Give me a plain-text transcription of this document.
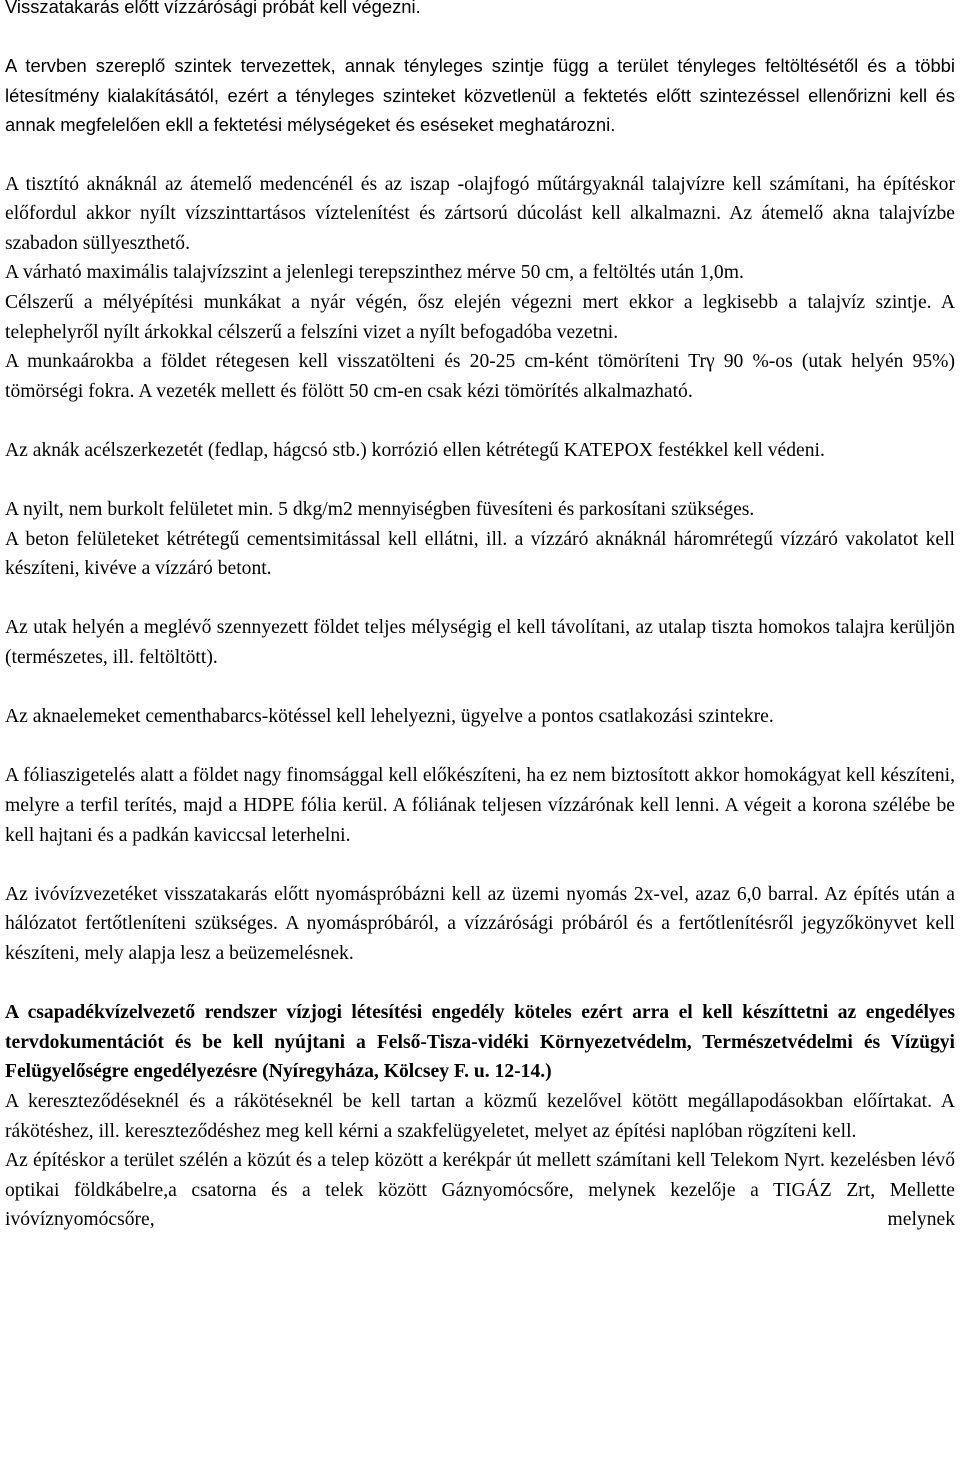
Visszatakarás előtt vízzárósági próbát kell végezni.

A tervben szereplő szintek tervezettek, annak tényleges szintje függ a terület tényleges feltöltésétől és a többi létesítmény kialakításától, ezért a tényleges szinteket közvetlenül a fektetés előtt szintezéssel ellenőrizni kell és annak megfelelően ekll a fektetési mélységeket és eséseket meghatározni.

A tisztító aknáknál az átemelő medencénél és az iszap -olajfogó műtárgyaknál talajvízre kell számítani, ha építéskor előfordul akkor nyílt vízszinttartásos víztelenítést és zártsorú dúcolást kell alkalmazni. Az átemelő akna talajvízbe szabadon süllyeszthető.

A várható maximális talajvízszint a jelenlegi terepszinthez mérve 50 cm, a feltöltés után 1,0m.

Célszerű a mélyépítési munkákat a nyár végén, ősz elején végezni mert ekkor a legkisebb a talajvíz szintje. A telephelyről nyílt árkokkal célszerű a felszíni vizet a nyílt befogadóba vezetni.

A munkaárokba a földet rétegesen kell visszatölteni és 20-25 cm-ként tömöríteni Trγ 90 %-os (utak helyén 95%) tömörségi fokra. A vezeték mellett és fölött 50 cm-en csak kézi tömörítés alkalmazható.

Az aknák acélszerkezetét (fedlap, hágcsó stb.) korrózió ellen kétrétegű KATEPOX festékkel kell védeni.

A nyilt, nem burkolt felületet min. 5 dkg/m2 mennyiségben füvesíteni és parkosítani szükséges.

A beton felületeket kétrétegű cementsimitással kell ellátni, ill. a vízzáró aknáknál háromrétegű vízzáró vakolatot kell készíteni, kivéve a vízzáró betont.

Az utak helyén a meglévő szennyezett földet teljes mélységig el kell távolítani, az utalap tiszta homokos talajra kerüljön (természetes, ill. feltöltött).

Az aknaelemeket cementhabarcs-kötéssel kell lehelyezni, ügyelve a pontos csatlakozási szintekre.

A fóliaszigetelés alatt a földet nagy finomsággal kell előkészíteni, ha ez nem biztosított akkor homokágyat kell készíteni, melyre a terfil terítés, majd a HDPE fólia kerül. A fóliának teljesen vízzárónak kell lenni. A végeit a korona szélébe be kell hajtani és a padkán kaviccsal leterhelni.

Az ivóvízvezetéket visszatakarás előtt nyomáspróbázni kell az üzemi nyomás 2x-vel, azaz 6,0 barral. Az építés után a hálózatot fertőtleníteni szükséges. A nyomáspróbáról, a vízzárósági próbáról és a fertőtlenítésről jegyzőkönyvet kell készíteni, mely alapja lesz a beüzemelésnek.

A csapadékvízelvezető rendszer vízjogi létesítési engedély köteles ezért arra el kell készíttetni az engedélyes tervdokumentációt és be kell nyújtani a Felső-Tisza-vidéki Környezetvédelm, Természetvédelmi és Vízügyi Felügyelőségre engedélyezésre (Nyíregyháza, Kölcsey F. u. 12-14.)

A kereszteződéseknél és a rákötéseknél be kell tartan a közmű kezelővel kötött megállapodásokban előírtakat. A rákötéshez, ill. kereszteződéshez meg kell kérni a szakfelügyeletet, melyet az építési naplóban rögzíteni kell.

Az építéskor a terület szélén a közút és a telep között a kerékpár út mellett számítani kell Telekom Nyrt. kezelésben lévő optikai földkábelre,a csatorna és a telek között Gáznyomócsőre, melynek kezelője a TIGÁZ Zrt, Mellette ivóvíznyomócsőre, melynek
